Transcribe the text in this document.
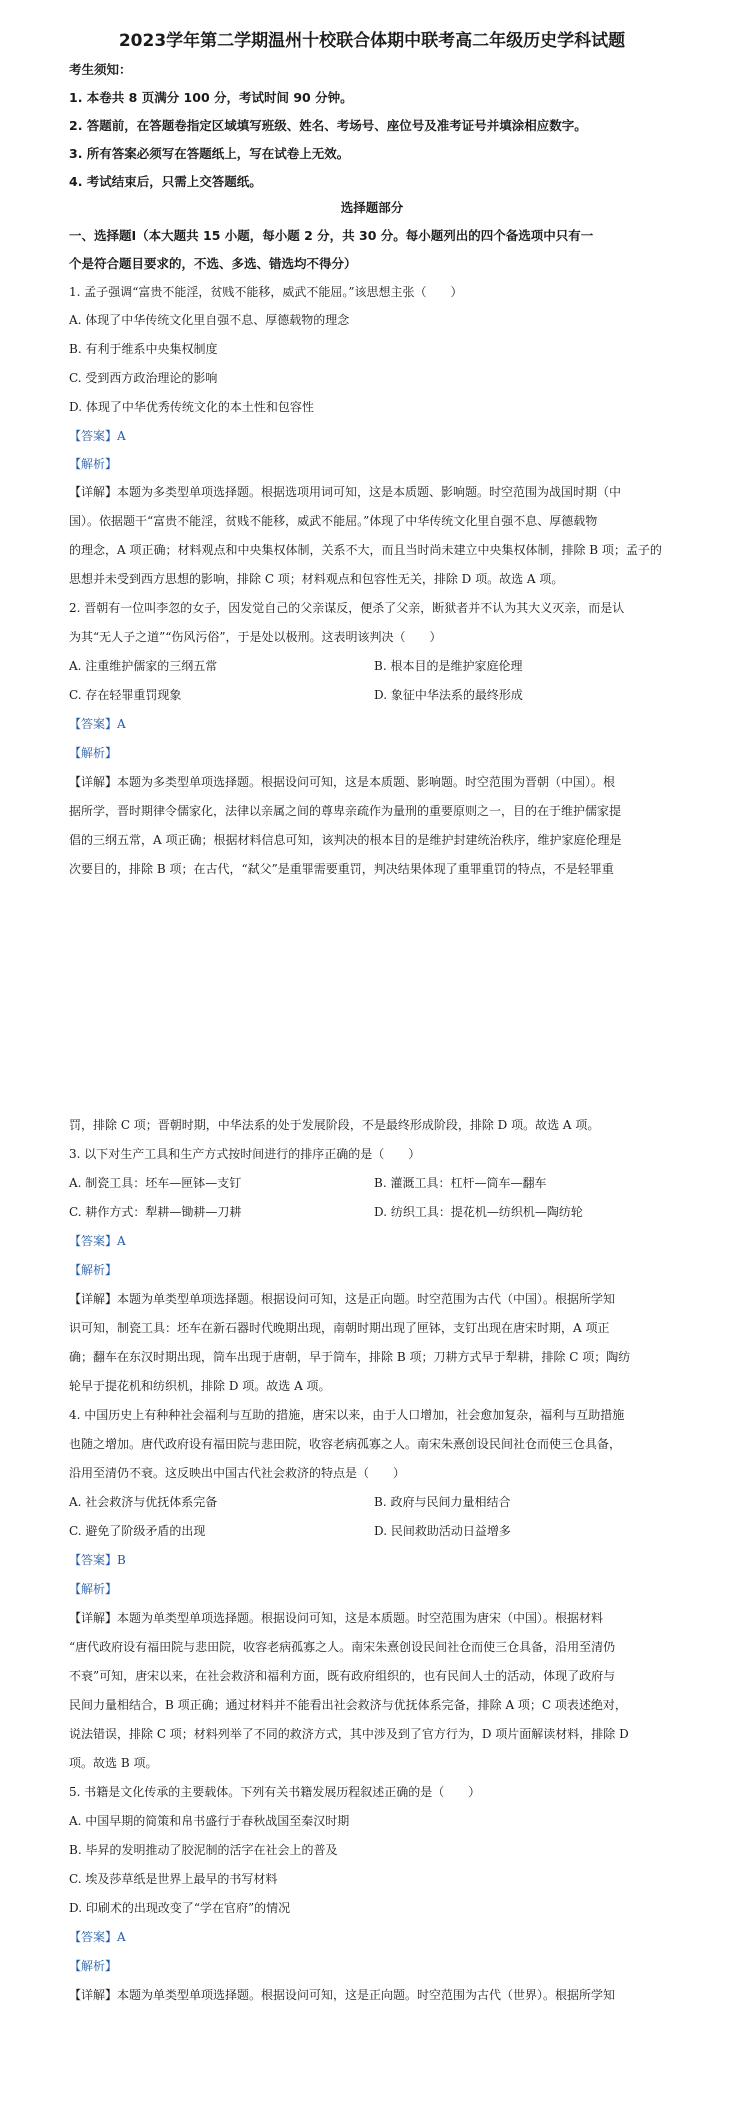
2023学年第二学期温州十校联合体期中联考高二年级历史学科试题
考生须知：
1. 本卷共 8 页满分 100 分，考试时间 90 分钟。
2. 答题前，在答题卷指定区域填写班级、姓名、考场号、座位号及准考证号并填涂相应数字。
3. 所有答案必须写在答题纸上，写在试卷上无效。
4. 考试结束后，只需上交答题纸。
选择题部分
一、选择题Ⅰ（本大题共 15 小题，每小题 2 分，共 30 分。每小题列出的四个备选项中只有一
个是符合题目要求的，不选、多选、错选均不得分）
1. 孟子强调“富贵不能淫，贫贱不能移，威武不能屈。”该思想主张（　　）
A. 体现了中华传统文化里自强不息、厚德载物的理念
B. 有利于维系中央集权制度
C. 受到西方政治理论的影响
D. 体现了中华优秀传统文化的本土性和包容性
【答案】A
【解析】
【详解】本题为多类型单项选择题。根据选项用词可知，这是本质题、影响题。时空范围为战国时期（中
国）。依据题干“富贵不能淫，贫贱不能移，威武不能屈。”体现了中华传统文化里自强不息、厚德载物
的理念，A 项正确；材料观点和中央集权体制，关系不大，而且当时尚未建立中央集权体制，排除 B 项；孟子的
思想并未受到西方思想的影响，排除 C 项；材料观点和包容性无关，排除 D 项。故选 A 项。
2. 晋朝有一位叫李忽的女子，因发觉自己的父亲谋反，便杀了父亲，断狱者并不认为其大义灭亲，而是认
为其“无人子之道”“伤风污俗”，于是处以极刑。这表明该判决（　　）
A. 注重维护儒家的三纲五常	B. 根本目的是维护家庭伦理
C. 存在轻罪重罚现象	D. 象征中华法系的最终形成
【答案】A
【解析】
【详解】本题为多类型单项选择题。根据设问可知，这是本质题、影响题。时空范围为晋朝（中国）。根
据所学，晋时期律令儒家化，法律以亲属之间的尊卑亲疏作为量刑的重要原则之一，目的在于维护儒家提
倡的三纲五常，A 项正确；根据材料信息可知，该判决的根本目的是维护封建统治秩序，维护家庭伦理是
次要目的，排除 B 项；在古代，“弑父”是重罪需要重罚，判决结果体现了重罪重罚的特点，不是轻罪重
罚，排除 C 项；晋朝时期，中华法系的处于发展阶段，不是最终形成阶段，排除 D 项。故选 A 项。
3. 以下对生产工具和生产方式按时间进行的排序正确的是（　　）
A. 制瓷工具：坯车—匣钵—支钉	B. 灌溉工具：杠杆—筒车—翻车
C. 耕作方式：犁耕—锄耕—刀耕	D. 纺织工具：提花机—纺织机—陶纺轮
【答案】A
【解析】
【详解】本题为单类型单项选择题。根据设问可知，这是正向题。时空范围为古代（中国）。根据所学知
识可知，制瓷工具：坯车在新石器时代晚期出现，南朝时期出现了匣钵，支钉出现在唐宋时期，A 项正
确；翻车在东汉时期出现，筒车出现于唐朝，早于筒车，排除 B 项；刀耕方式早于犁耕，排除 C 项；陶纺
轮早于提花机和纺织机，排除 D 项。故选 A 项。
4. 中国历史上有种种社会福利与互助的措施，唐宋以来，由于人口增加，社会愈加复杂，福利与互助措施
也随之增加。唐代政府设有福田院与悲田院，收容老病孤寡之人。南宋朱熹创设民间社仓而使三仓具备，
沿用至清仍不衰。这反映出中国古代社会救济的特点是（　　）
A. 社会救济与优抚体系完备	B. 政府与民间力量相结合
C. 避免了阶级矛盾的出现	D. 民间救助活动日益增多
【答案】B
【解析】
【详解】本题为单类型单项选择题。根据设问可知，这是本质题。时空范围为唐宋（中国）。根据材料
“唐代政府设有福田院与悲田院，收容老病孤寡之人。南宋朱熹创设民间社仓而使三仓具备，沿用至清仍
不衰”可知，唐宋以来，在社会救济和福利方面，既有政府组织的，也有民间人士的活动，体现了政府与
民间力量相结合，B 项正确；通过材料并不能看出社会救济与优抚体系完备，排除 A 项；C 项表述绝对，
说法错误，排除 C 项；材料列举了不同的救济方式，其中涉及到了官方行为，D 项片面解读材料，排除 D
项。故选 B 项。
5. 书籍是文化传承的主要载体。下列有关书籍发展历程叙述正确的是（　　）
A. 中国早期的简策和帛书盛行于春秋战国至秦汉时期
B. 毕昇的发明推动了胶泥制的活字在社会上的普及
C. 埃及莎草纸是世界上最早的书写材料
D. 印刷术的出现改变了“学在官府”的情况
【答案】A
【解析】
【详解】本题为单类型单项选择题。根据设问可知，这是正向题。时空范围为古代（世界）。根据所学知
